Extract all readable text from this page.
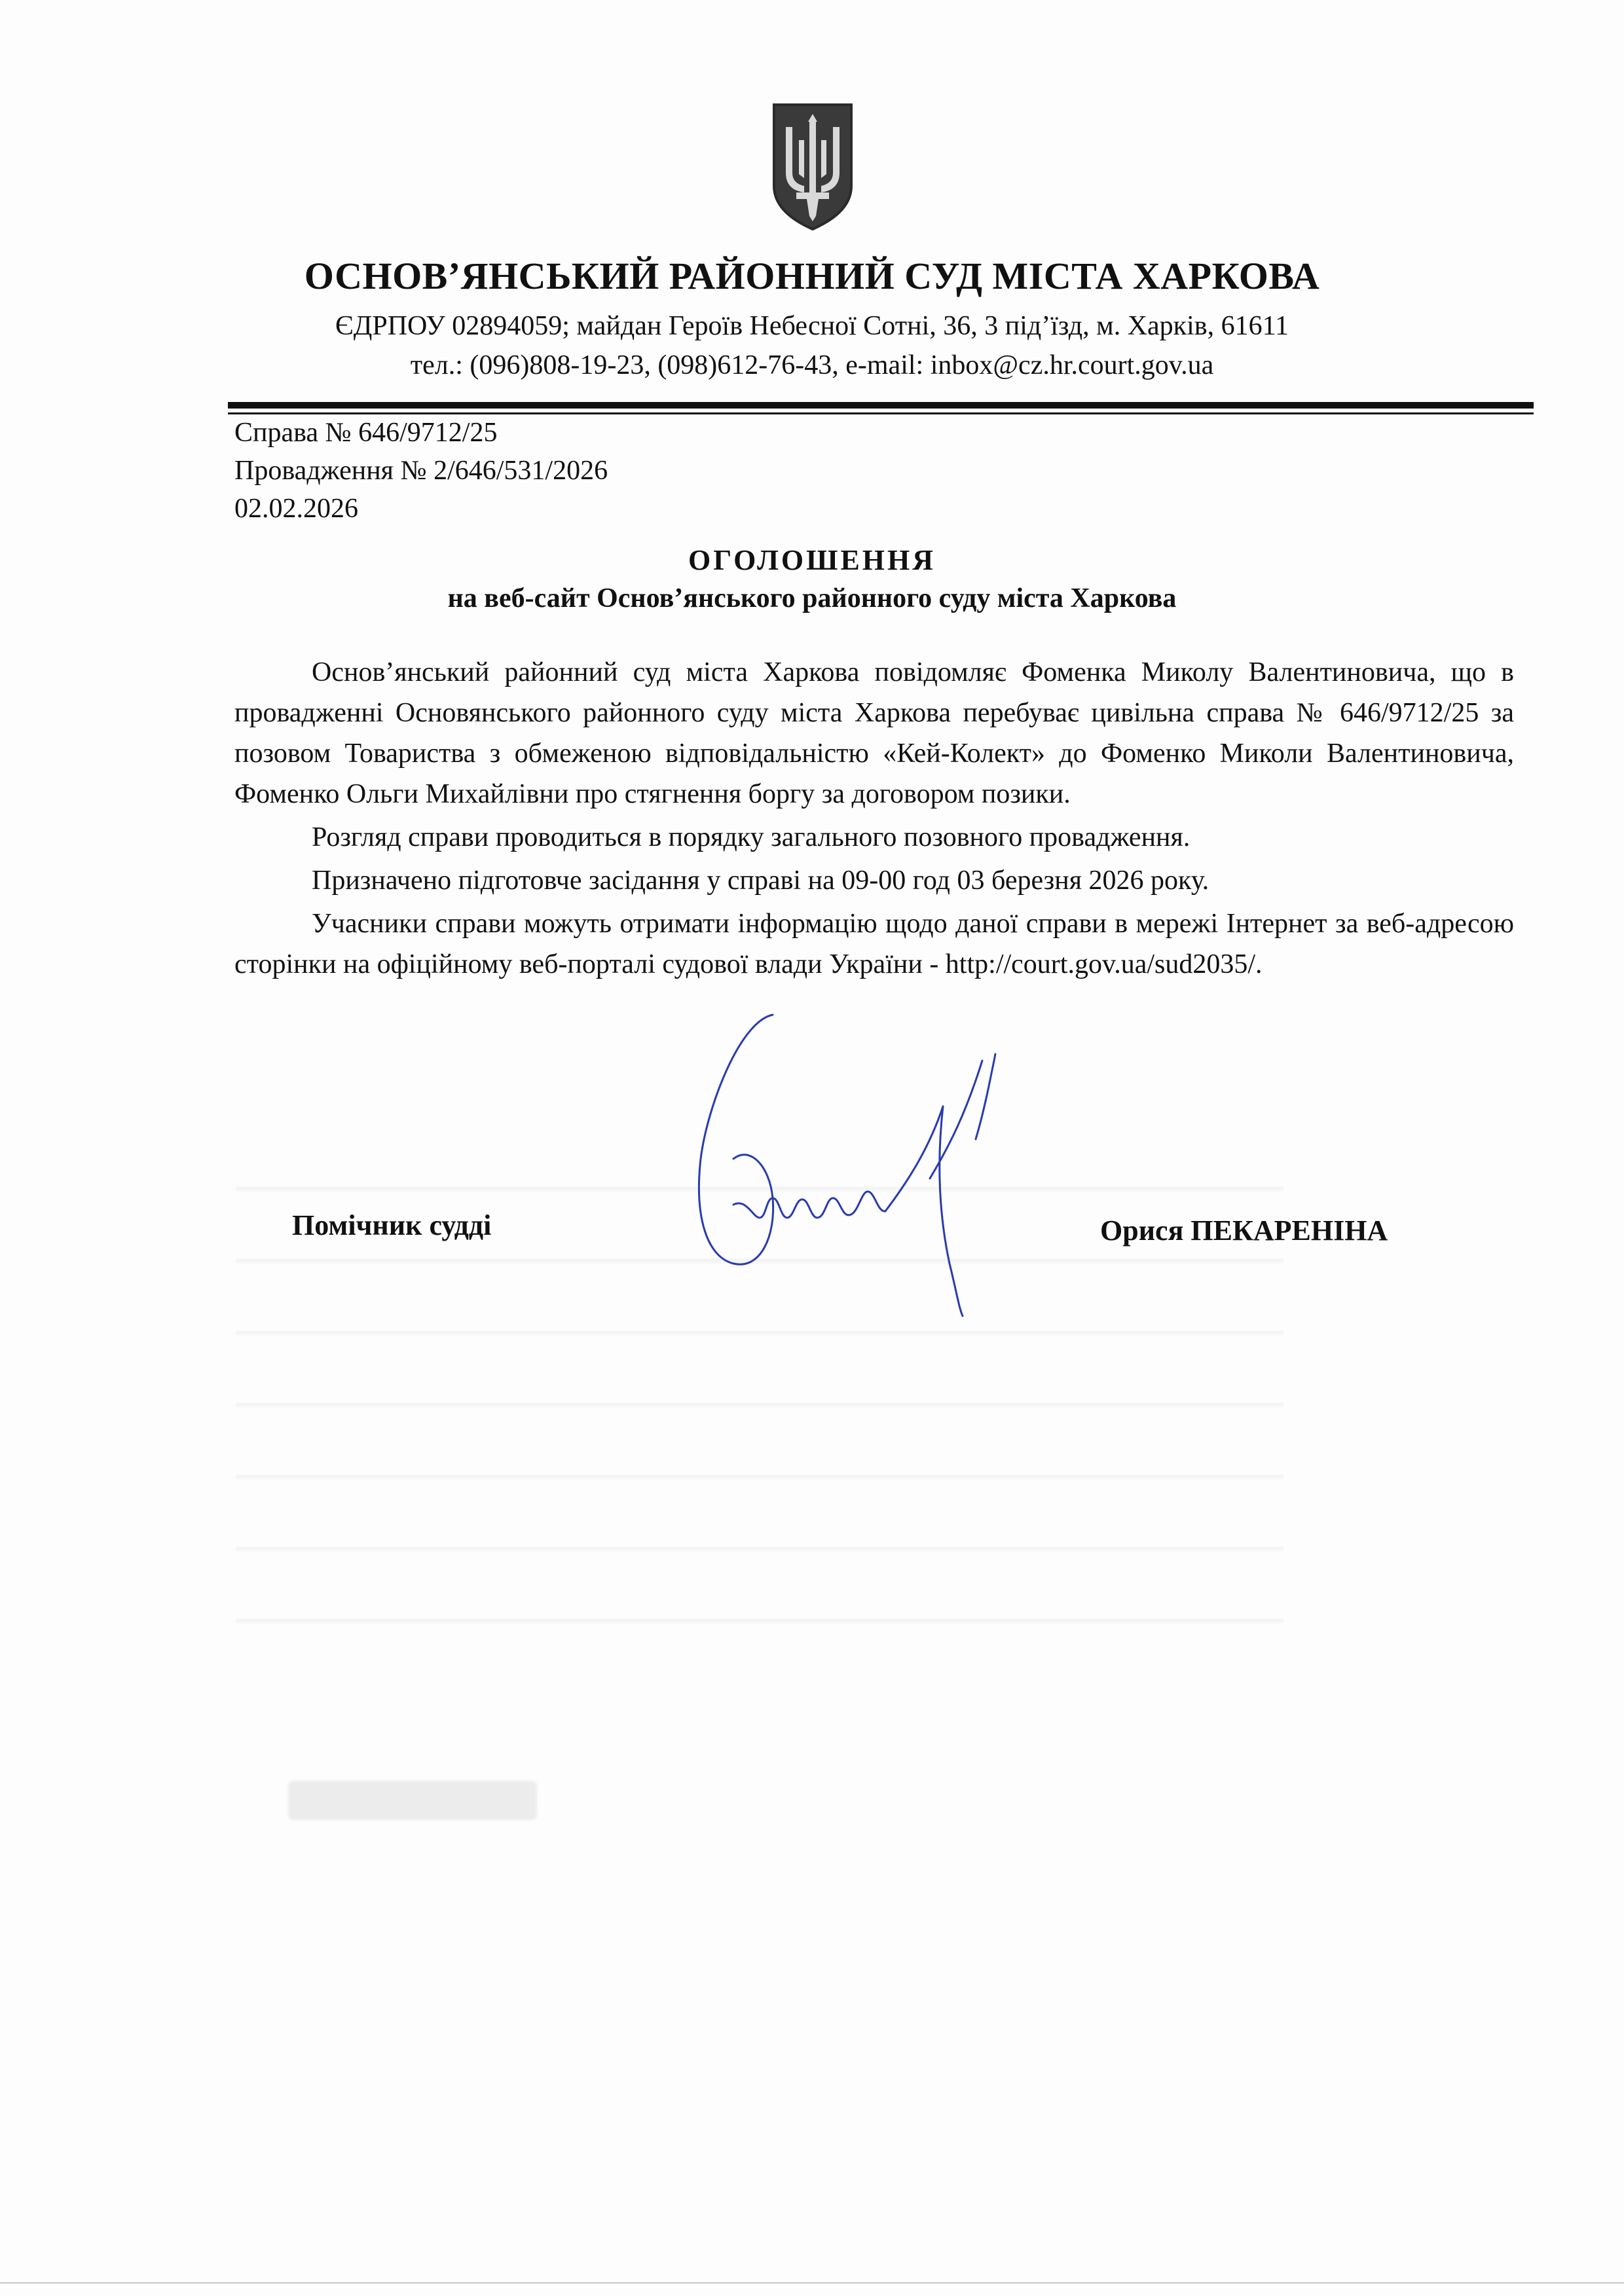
ОСНОВ’ЯНСЬКИЙ РАЙОННИЙ СУД МІСТА ХАРКОВА
ЄДРПОУ 02894059; майдан Героїв Небесної Сотні, 36, 3 під’їзд, м. Харків, 61611
тел.: (096)808-19-23, (098)612-76-43, e-mail: inbox@cz.hr.court.gov.ua
Справа № 646/9712/25
Провадження № 2/646/531/2026
02.02.2026
ОГОЛОШЕННЯ
на веб-сайт Основ’янського районного суду міста Харкова

Основ’янський районний суд міста Харкова повідомляє Фоменка Миколу Валентиновича, що в провадженні Основянського районного суду міста Харкова перебуває цивільна справа № 646/9712/25 за позовом Товариства з обмеженою відповідальністю «Кей-Колект» до Фоменко Миколи Валентиновича, Фоменко Ольги Михайлівни про стягнення боргу за договором позики.

Розгляд справи проводиться в порядку загального позовного провадження.

Призначено підготовче засідання у справі на 09-00 год 03 березня 2026 року.

Учасники справи можуть отримати інформацію щодо даної справи в мережі Інтернет за веб-адресою сторінки на офіційному веб-порталі судової влади України - http://court.gov.ua/sud2035/.

Помічник судді	Орися ПЕКАРЕНІНА
